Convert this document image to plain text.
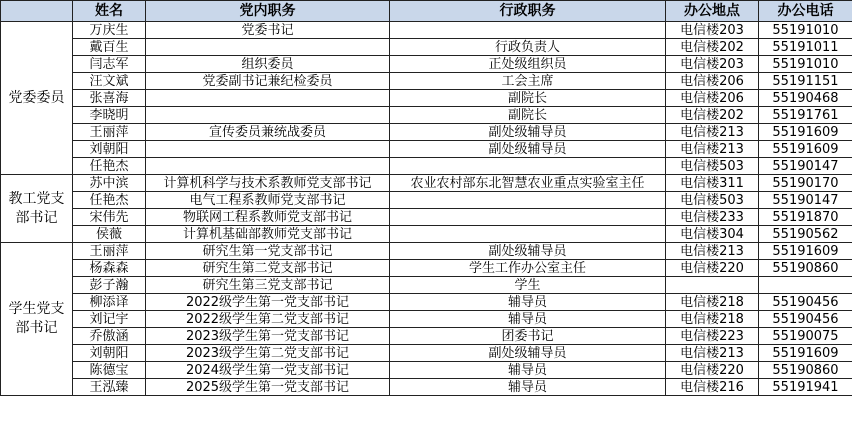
	姓名	党内职务	行政职务	办公地点	办公电话
党委委员	万庆生	党委书记		电信楼203	55191010
	戴百生		行政负责人	电信楼202	55191011
	闫志军	组织委员	正处级组织员	电信楼203	55191010
	汪文斌	党委副书记兼纪检委员	工会主席	电信楼206	55191151
	张喜海		副院长	电信楼206	55190468
	李晓明		副院长	电信楼202	55191761
	王丽萍	宣传委员兼统战委员	副处级辅导员	电信楼213	55191609
	刘朝阳		副处级辅导员	电信楼213	55191609
	任艳杰			电信楼503	55190147
教工党支部书记	苏中滨	计算机科学与技术系教师党支部书记	农业农村部东北智慧农业重点实验室主任	电信楼311	55190170
	任艳杰	电气工程系教师党支部书记		电信楼503	55190147
	宋伟先	物联网工程系教师党支部书记		电信楼233	55191870
	侯薇	计算机基础部教师党支部书记		电信楼304	55190562
学生党支部书记	王丽萍	研究生第一党支部书记	副处级辅导员	电信楼213	55191609
	杨森森	研究生第二党支部书记	学生工作办公室主任	电信楼220	55190860
	彭子瀚	研究生第三党支部书记	学生		
	柳添译	2022级学生第一党支部书记	辅导员	电信楼218	55190456
	刘记宇	2022级学生第二党支部书记	辅导员	电信楼218	55190456
	乔傲涵	2023级学生第一党支部书记	团委书记	电信楼223	55190075
	刘朝阳	2023级学生第二党支部书记	副处级辅导员	电信楼213	55191609
	陈德宝	2024级学生第一党支部书记	辅导员	电信楼220	55190860
	王泓臻	2025级学生第一党支部书记	辅导员	电信楼216	55191941
